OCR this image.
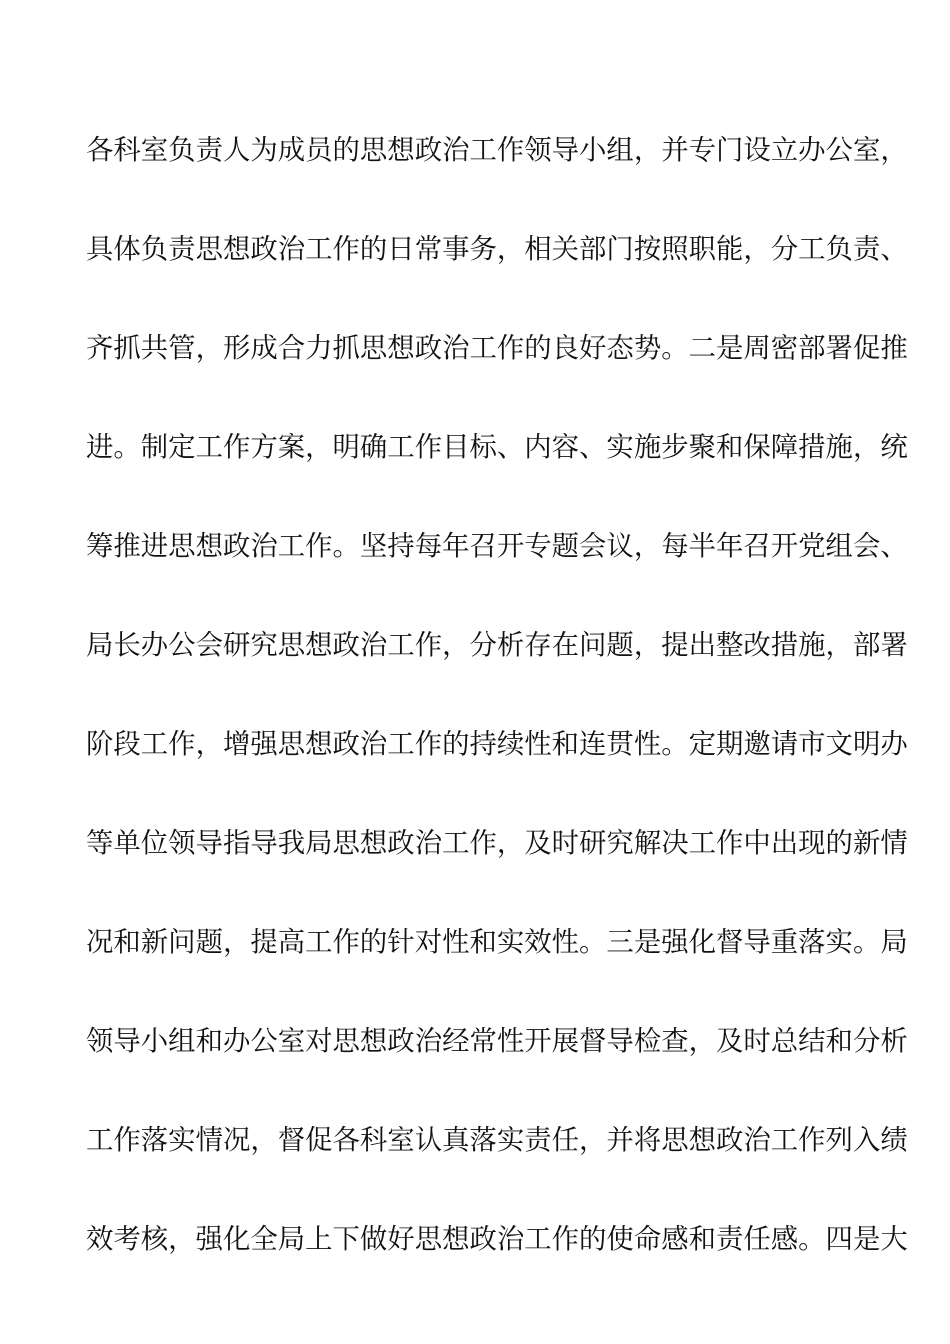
各科室负责人为成员的思想政治工作领导小组，并专门设立办公室，
具体负责思想政治工作的日常事务，相关部门按照职能，分工负责、
齐抓共管，形成合力抓思想政治工作的良好态势。二是周密部署促推
进。制定工作方案，明确工作目标、内容、实施步聚和保障措施，统
筹推进思想政治工作。坚持每年召开专题会议，每半年召开党组会、
局长办公会研究思想政治工作，分析存在问题，提出整改措施，部署
阶段工作，增强思想政治工作的持续性和连贯性。定期邀请市文明办
等单位领导指导我局思想政治工作，及时研究解决工作中出现的新情
况和新问题，提高工作的针对性和实效性。三是强化督导重落实。局
领导小组和办公室对思想政治经常性开展督导检查，及时总结和分析
工作落实情况，督促各科室认真落实责任，并将思想政治工作列入绩
效考核，强化全局上下做好思想政治工作的使命感和责任感。四是大
